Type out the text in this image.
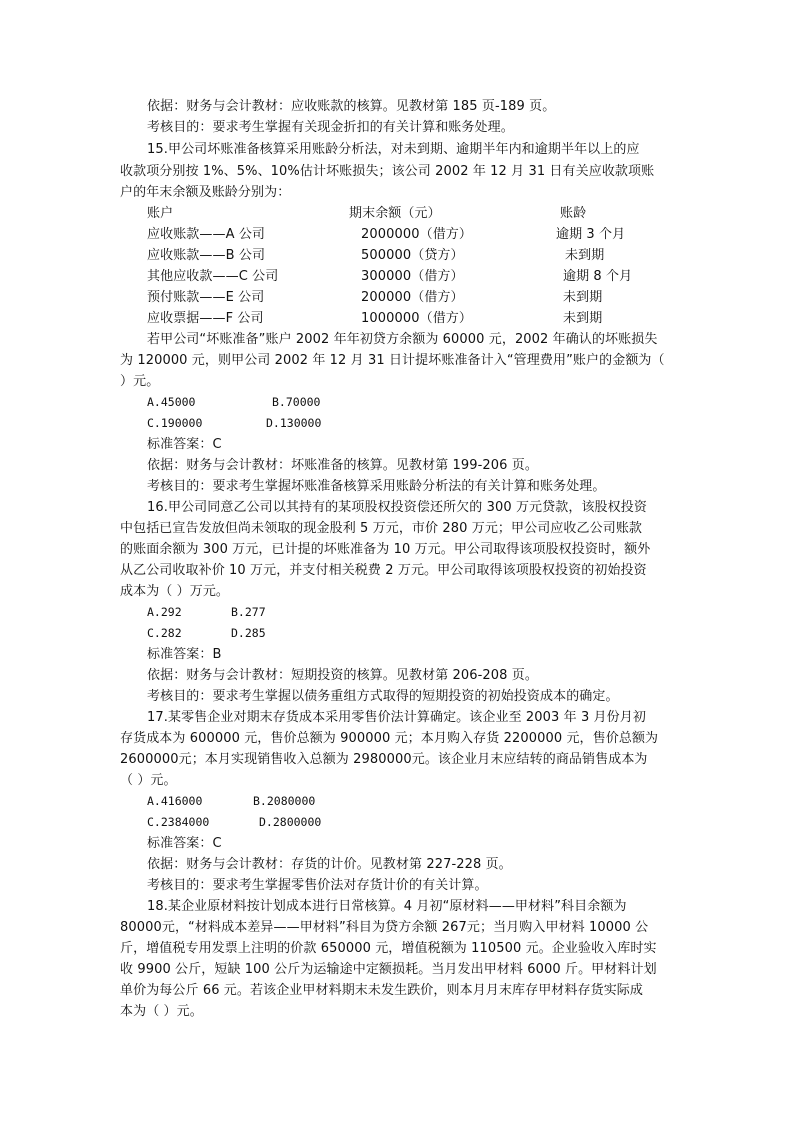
依据：财务与会计教材：应收账款的核算。见教材第 185 页-189 页。
考核目的：要求考生掌握有关现金折扣的有关计算和账务处理。
15.甲公司坏账准备核算采用账龄分析法，对未到期、逾期半年内和逾期半年以上的应
收款项分别按 1%、5%、10%估计坏账损失；该公司 2002 年 12 月 31 日有关应收款项账
户的年末余额及账龄分别为：
账户	期末余额（元）	账龄
应收账款——A 公司	2000000（借方）	逾期 3 个月
应收账款——B 公司	500000（贷方）	未到期
其他应收款——C 公司	300000（借方）	逾期 8 个月
预付账款——E 公司	200000（借方）	未到期
应收票据——F 公司	1000000（借方）	未到期
若甲公司“坏账准备”账户 2002 年年初贷方余额为 60000 元，2002 年确认的坏账损失
为 120000 元，则甲公司 2002 年 12 月 31 日计提坏账准备计入“管理费用”账户的金额为（
）元。
A.45000	B.70000
C.190000	D.130000
标准答案：C
依据：财务与会计教材：坏账准备的核算。见教材第 199-206 页。
考核目的：要求考生掌握坏账准备核算采用账龄分析法的有关计算和账务处理。
16.甲公司同意乙公司以其持有的某项股权投资偿还所欠的 300 万元贷款，该股权投资
中包括已宣告发放但尚未领取的现金股利 5 万元，市价 280 万元；甲公司应收乙公司账款
的账面余额为 300 万元，已计提的坏账准备为 10 万元。甲公司取得该项股权投资时，额外
从乙公司收取补价 10 万元，并支付相关税费 2 万元。甲公司取得该项股权投资的初始投资
成本为（ ）万元。
A.292	B.277
C.282	D.285
标准答案：B
依据：财务与会计教材：短期投资的核算。见教材第 206-208 页。
考核目的：要求考生掌握以债务重组方式取得的短期投资的初始投资成本的确定。
17.某零售企业对期末存货成本采用零售价法计算确定。该企业至 2003 年 3 月份月初
存货成本为 600000 元，售价总额为 900000 元；本月购入存货 2200000 元，售价总额为
2600000元；本月实现销售收入总额为 2980000元。该企业月末应结转的商品销售成本为
（ ）元。
A.416000	B.2080000
C.2384000	D.2800000
标准答案：C
依据：财务与会计教材：存货的计价。见教材第 227-228 页。
考核目的：要求考生掌握零售价法对存货计价的有关计算。
18.某企业原材料按计划成本进行日常核算。4 月初“原材料——甲材料”科目余额为
80000元，“材料成本差异——甲材料”科目为贷方余额 267元；当月购入甲材料 10000 公
斤，增值税专用发票上注明的价款 650000 元，增值税额为 110500 元。企业验收入库时实
收 9900 公斤，短缺 100 公斤为运输途中定额损耗。当月发出甲材料 6000 斤。甲材料计划
单价为每公斤 66 元。若该企业甲材料期末未发生跌价，则本月月末库存甲材料存货实际成
本为（ ）元。
